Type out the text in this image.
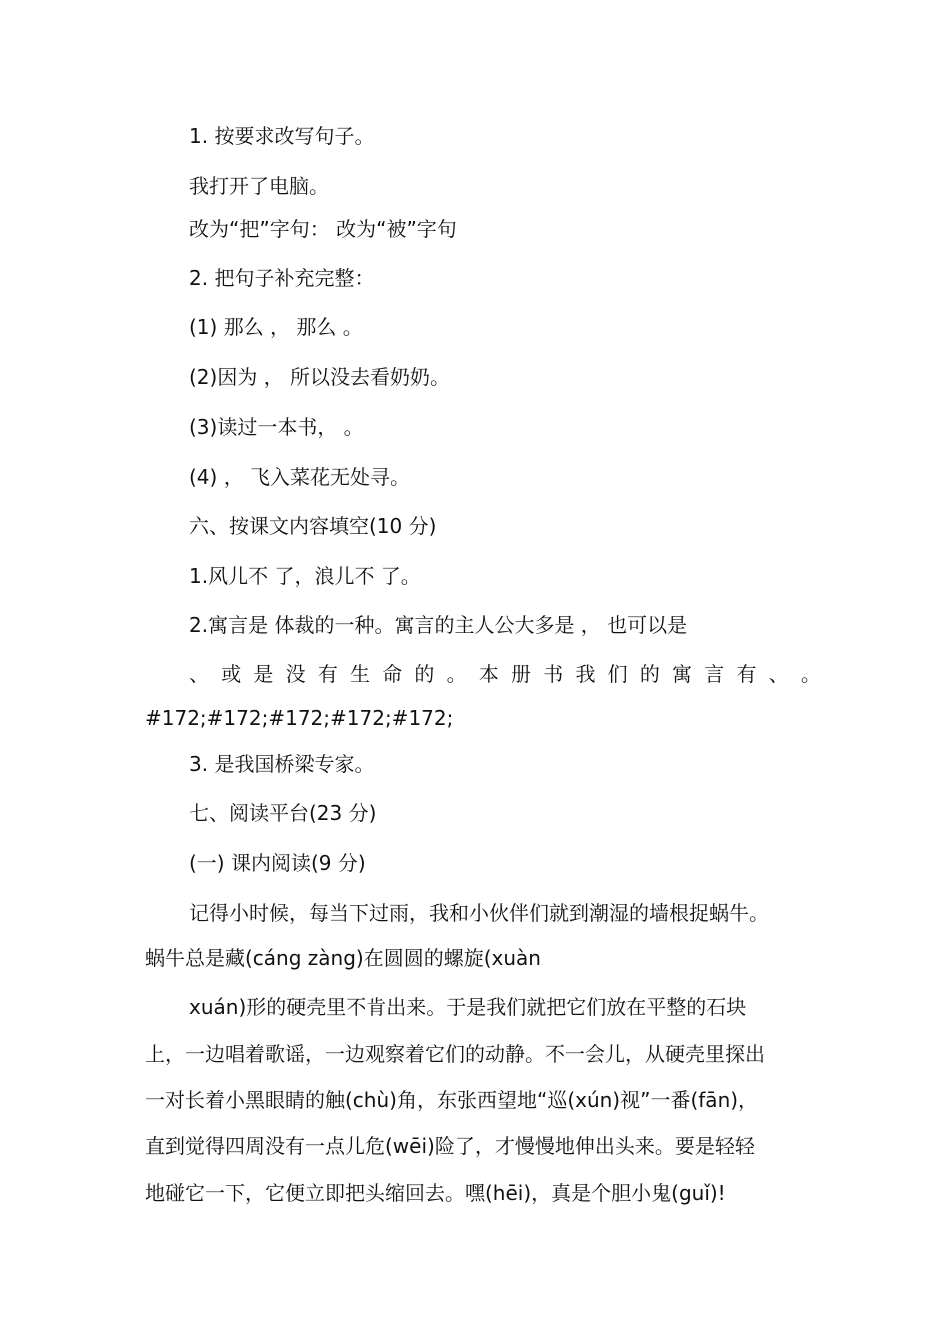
1. 按要求改写句子。

我打开了电脑。

改为“把”字句： 改为“被”字句

2. 把句子补充完整：

(1) 那么 ， 那么 。

(2)因为 ， 所以没去看奶奶。

(3)读过一本书， 。

(4) ， 飞入菜花无处寻。

六、按课文内容填空(10 分)

1.风儿不 了，浪儿不 了。

2.寓言是 体裁的一种。寓言的主人公大多是 ， 也可以是

、 或 是 没 有 生 命 的 。 本 册 书 我 们 的 寓 言 有 、 。

#172;#172;#172;#172;#172;

3. 是我国桥梁专家。

七、阅读平台(23 分)

(一) 课内阅读(9 分)

记得小时候，每当下过雨，我和小伙伴们就到潮湿的墙根捉蜗牛。

蜗牛总是藏(cáng zàng)在圆圆的螺旋(xuàn

xuán)形的硬壳里不肯出来。于是我们就把它们放在平整的石块

上，一边唱着歌谣，一边观察着它们的动静。不一会儿，从硬壳里探出

一对长着小黑眼睛的触(chù)角，东张西望地“巡(xún)视”一番(fān)，

直到觉得四周没有一点儿危(wēi)险了，才慢慢地伸出头来。要是轻轻

地碰它一下，它便立即把头缩回去。嘿(hēi)，真是个胆小鬼(guǐ)!
